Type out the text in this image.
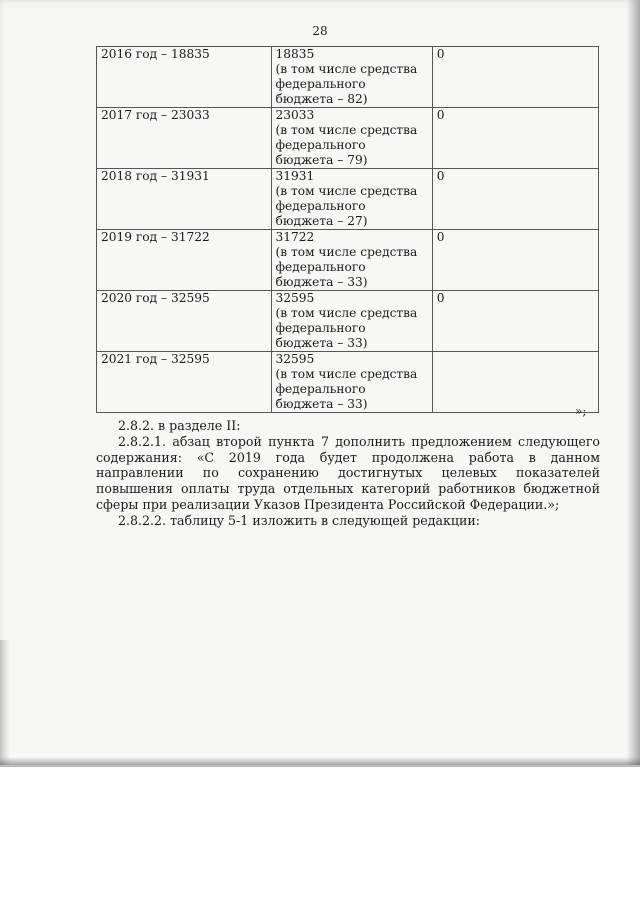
28
2016 год – 18835	18835
(в том числе средства
федерального
бюджета – 82)	0
2017 год – 23033	23033
(в том числе средства
федерального
бюджета – 79)	0
2018 год – 31931	31931
(в том числе средства
федерального
бюджета – 27)	0
2019 год – 31722	31722
(в том числе средства
федерального
бюджета – 33)	0
2020 год – 32595	32595
(в том числе средства
федерального
бюджета – 33)	0
2021 год – 32595	32595
(в том числе средства
федерального
бюджета – 33)	
		»;

2.8.2. в разделе II:

2.8.2.1. абзац второй пункта 7 дополнить предложением следующего содержания: «С 2019 года будет продолжена работа в данном направлении по сохранению достигнутых целевых показателей повышения оплаты труда отдельных категорий работников бюджетной сферы при реализации Указов Президента Российской Федерации.»;

2.8.2.2. таблицу 5-1 изложить в следующей редакции:
